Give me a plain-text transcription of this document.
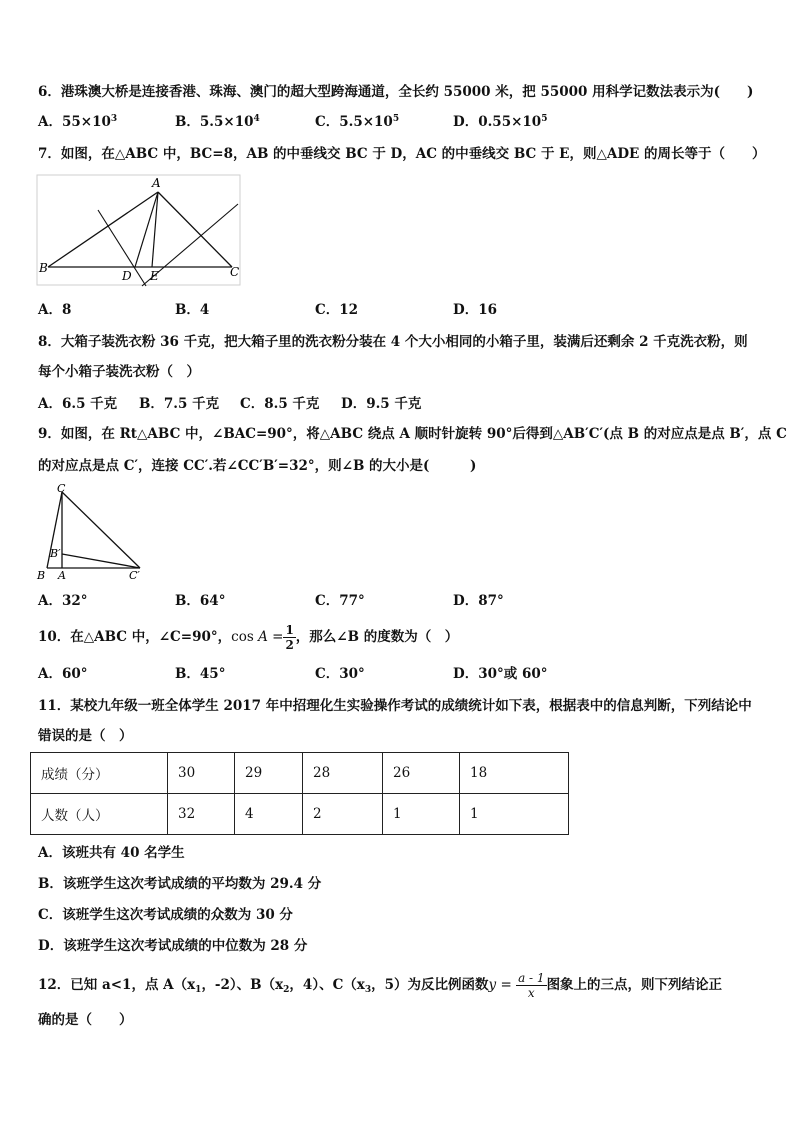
6．港珠澳大桥是连接香港、珠海、澳门的超大型跨海通道，全长约 55000 米，把 55000 用科学记数法表示为(　　)
A．$55\times 10^3$	B．$5.5\times 10^4$	C．$5.5\times 10^5$	D．$0.55\times 10^5$
7．如图，在△ABC 中，BC=8，AB 的中垂线交 BC 于 D，AC 的中垂线交 BC 于 E，则△ADE 的周长等于（　　）
A
B	C
D E
A．8	B．4	C．12	D．16
8．大箱子装洗衣粉 36 千克，把大箱子里的洗衣粉分装在 4 个大小相同的小箱子里，装满后还剩余 2 千克洗衣粉，则
每个小箱子装洗衣粉（　）
A．6.5 千克 B．7.5 千克 C．8.5 千克 D．9.5 千克
9．如图，在 Rt△ABC 中，∠BAC=90°，将△ABC 绕点 A 顺时针旋转 90°后得到△AB′C′(点 B 的对应点是点 B′，点 C
的对应点是点 C′，连接 CC′.若∠CC′B′=32°，则∠B 的大小是(　　　)
C
B′
B A	C′
A．32°	B．64°	C．77°	D．87°
10．在△ABC 中，∠C=90°，$\cos A = \frac{1}{2}$ ，那么∠B 的度数为（　）
A．60°	B．45°	C．30°	D．30°或 60°
11．某校九年级一班全体学生 2017 年中招理化生实验操作考试的成绩统计如下表，根据表中的信息判断，下列结论中
错误的是（　）
成绩（分）	30	29	28	26	18
人数（人）	32	4	2	1	1
A．该班共有 40 名学生
B．该班学生这次考试成绩的平均数为 29.4 分
C．该班学生这次考试成绩的众数为 30 分
D．该班学生这次考试成绩的中位数为 28 分
12．已知 a<1，点 $A(x_1$，-2）、$B(x_2$，4）、$C(x_3$，5）为反比例函数$y = \frac{a - 1}{x}$ 图象上的三点，则下列结论正
确的是（　　）
